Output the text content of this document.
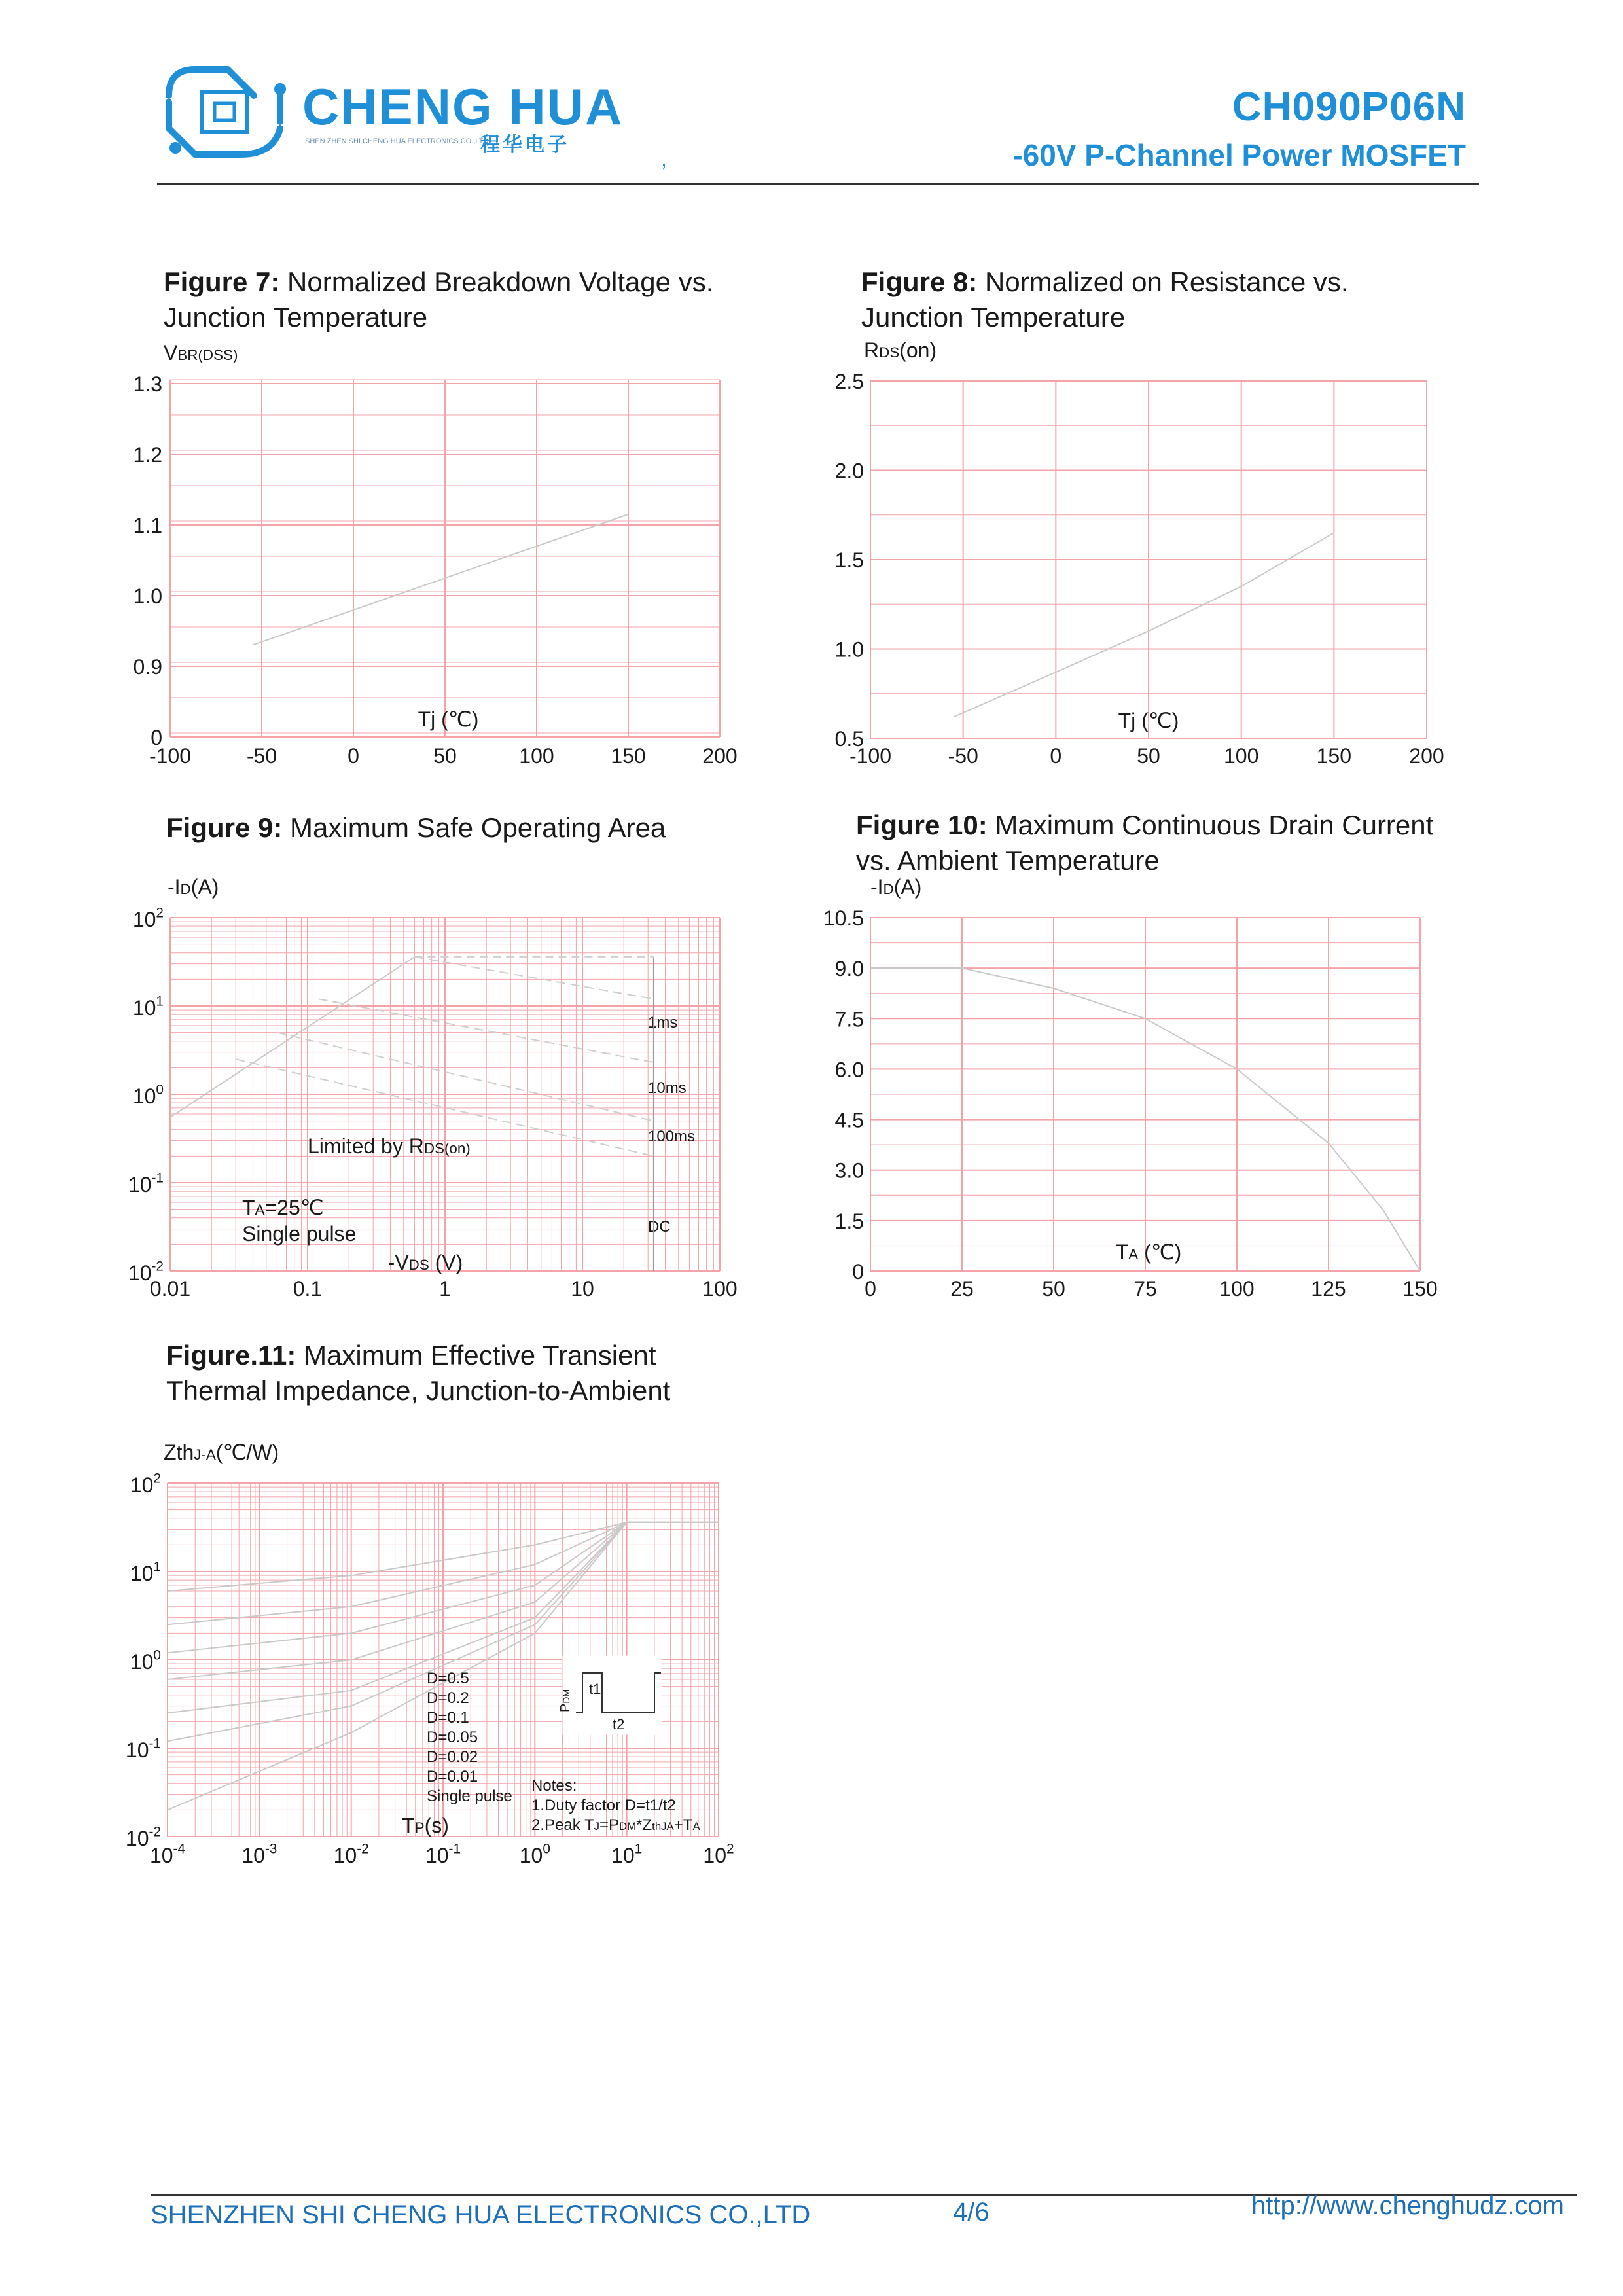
CHENG HUA
SHEN ZHEN SHI CHENG HUA ELECTRONICS CO.,LTD
程华电子
,
CH090P06N
-60V P-Channel Power MOSFET
Figure 7: Normalized Breakdown Voltage vs.
Junction Temperature
Figure 8: Normalized on Resistance vs.
Junction Temperature
Figure 9: Maximum Safe Operating Area	Figure 10: Maximum Continuous Drain Current
vs. Ambient Temperature
Figure.11: Maximum Effective Transient
Thermal Impedance, Junction-to-Ambient
-100	-50	0	50	100	150	200
0
0.9
1.0
1.1
1.2
1.3
VBR(DSS)
Tj (℃)
-100	-50	0	50	100	150	200
0.5
1.0
1.5
2.0
2.5
RDS(on)
Tj (℃)
0.01	0.1	1	10	100
$10^2$
$10^1$
$10^0$
$10^{-1}$
$10^{-2}$
-ID(A)
-VDS (V)
Limited by RDS(on)
TA=25℃
Single pulse
1ms
10ms
100ms
DC
0	25	50	75	100	125	150
0
1.5
3.0
4.5
6.0
7.5
9.0
10.5
-ID(A)
TA (℃)
$10^{-4}$	$10^{-3}$	$10^{-2}$	$10^{-1}$	$10^0$	$10^1$	$10^2$
$10^2$
$10^1$
$10^0$
$10^{-1}$
$10^{-2}$
ZthJ-A(℃/W)
TP(s)
D=0.5
D=0.2
D=0.1
D=0.05
D=0.02
D=0.01
Single pulse
Notes:
1.Duty factor D=t1/t2
2.Peak TJ=PDM*ZthJA+TA
PDM t1
t2
SHENZHEN SHI CHENG HUA ELECTRONICS CO.,LTD	4/6	http://www.chenghudz.com
